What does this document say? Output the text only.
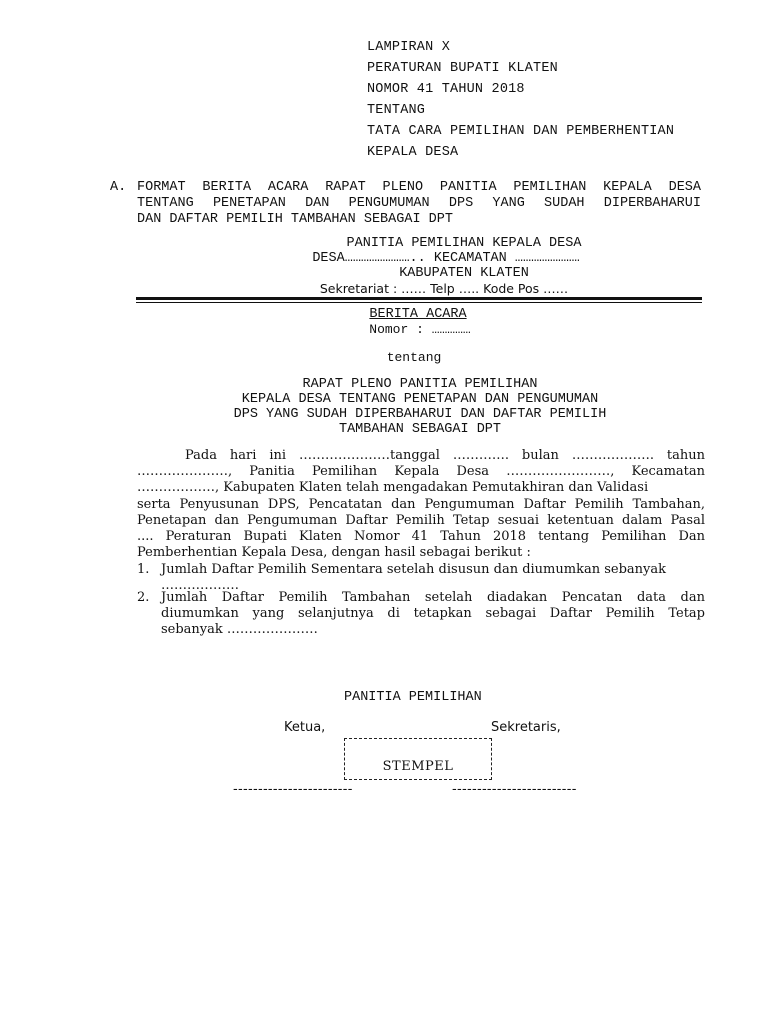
LAMPIRAN X
PERATURAN BUPATI KLATEN
NOMOR 41 TAHUN 2018
TENTANG
TATA CARA PEMILIHAN DAN PEMBERHENTIAN
KEPALA DESA
A. FORMAT BERITA ACARA RAPAT PLENO PANITIA PEMILIHAN KEPALA DESA
TENTANG PENETAPAN DAN PENGUMUMAN DPS YANG SUDAH DIPERBAHARUI
DAN DAFTAR PEMILIH TAMBAHAN SEBAGAI DPT
PANITIA PEMILIHAN KEPALA DESA
DESA…………………….. KECAMATAN ……………………
KABUPATEN KLATEN
Sekretariat : …… Telp ….. Kode Pos ……
BERITA ACARA
Nomor : ……………
tentang
RAPAT PLENO PANITIA PEMILIHAN
KEPALA DESA TENTANG PENETAPAN DAN PENGUMUMAN
DPS YANG SUDAH DIPERBAHARUI DAN DAFTAR PEMILIH
TAMBAHAN SEBAGAI DPT
Pada hari ini …………………tanggal …………. bulan ………………. tahun
…………………, Panitia Pemilihan Kepala Desa ……………………, Kecamatan
………………, Kabupaten Klaten telah mengadakan Pemutakhiran dan Validasi
serta Penyusunan DPS, Pencatatan dan Pengumuman Daftar Pemilih Tambahan,
Penetapan dan Pengumuman Daftar Pemilih Tetap sesuai ketentuan dalam Pasal
.... Peraturan Bupati Klaten Nomor 41 Tahun 2018 tentang Pemilihan Dan
Pemberhentian Kepala Desa, dengan hasil sebagai berikut :
1. Jumlah Daftar Pemilih Sementara setelah disusun dan diumumkan sebanyak
………………
2. Jumlah Daftar Pemilih Tambahan setelah diadakan Pencatan data dan
diumumkan yang selanjutnya di tetapkan sebagai Daftar Pemilih Tetap
sebanyak …………………
PANITIA PEMILIHAN
Ketua,	Sekretaris,
STEMPEL
------------------------	-------------------------
